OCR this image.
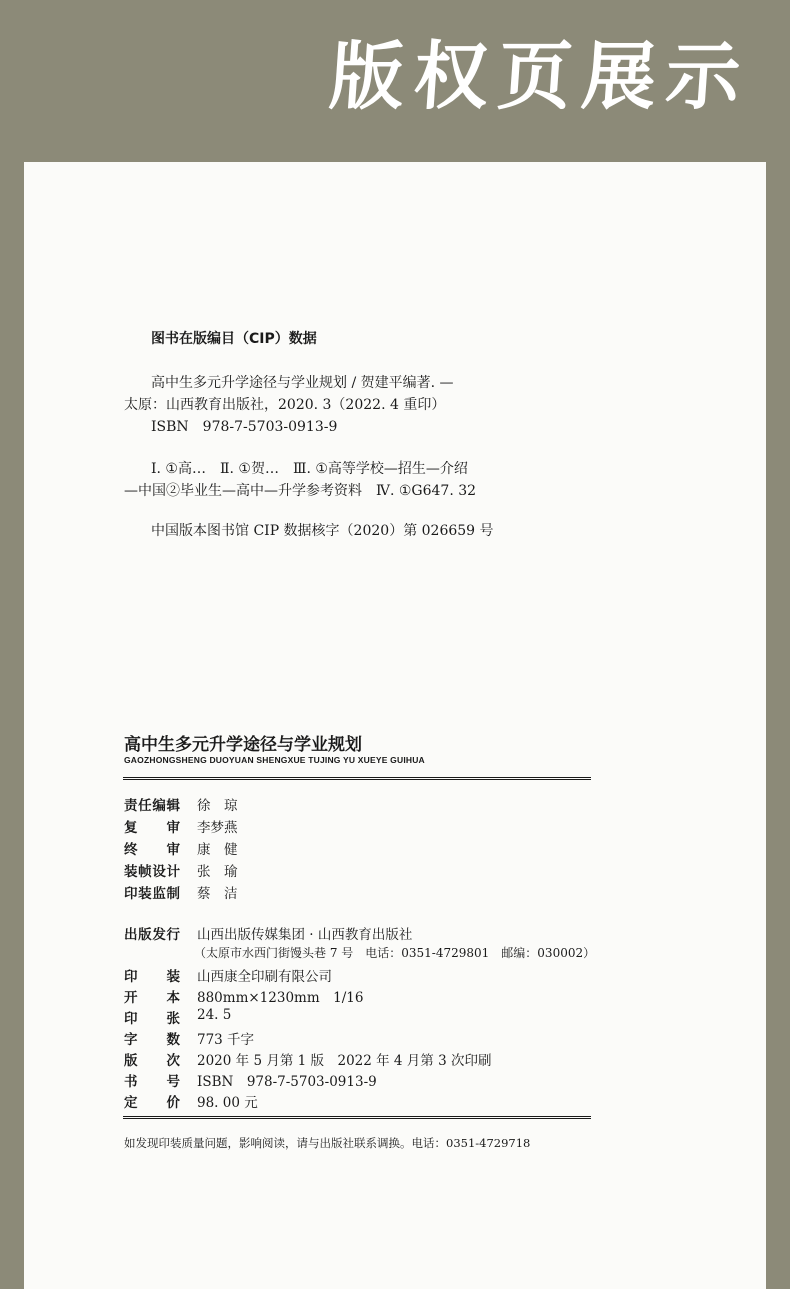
版权页展示
图书在版编目（CIP）数据
高中生多元升学途径与学业规划 / 贺建平编著. —
太原：山西教育出版社，2020. 3（2022. 4 重印）
ISBN　978-7-5703-0913-9
Ⅰ. ①高…　Ⅱ. ①贺…　Ⅲ. ①高等学校—招生—介绍
—中国②毕业生—高中—升学参考资料　Ⅳ. ①G647. 32
中国版本图书馆 CIP 数据核字（2020）第 026659 号
高中生多元升学途径与学业规划
GAOZHONGSHENG DUOYUAN SHENGXUE TUJING YU XUEYE GUIHUA
责任编辑 徐　琼
复　审 李梦燕
终　审 康　健
装帧设计 张　瑜
印装监制 蔡　洁
出版发行 山西出版传媒集团 · 山西教育出版社
（太原市水西门街馒头巷 7 号　电话：0351-4729801　邮编：030002）
印　装 山西康全印刷有限公司
开　本 880mm×1230mm　1/16
印　张 24. 5
字　数 773 千字
版　次 2020 年 5 月第 1 版　2022 年 4 月第 3 次印刷
书　号 ISBN　978-7-5703-0913-9
定　价 98. 00 元
如发现印装质量问题，影响阅读，请与出版社联系调换。电话：0351-4729718
